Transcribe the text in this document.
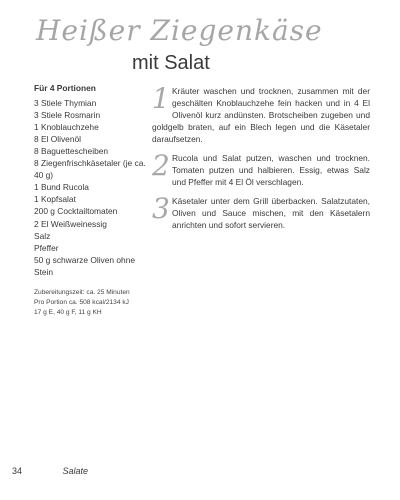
Heißer Ziegenkäse
mit Salat
Für 4 Portionen
3 Stiele Thymian
3 Stiele Rosmarin
1 Knoblauchzehe
8 El Olivenöl
8 Baguettescheiben
8 Ziegenfrischkäsetaler (je ca. 40 g)
1 Bund Rucola
1 Kopfsalat
200 g Cocktailtomaten
2 El Weißweinessig
Salz
Pfeffer
50 g schwarze Oliven ohne Stein
Zubereitungszeit: ca. 25 Minuten
Pro Portion ca. 508 kcal/2134 kJ
17 g E, 40 g F, 11 g KH
1 Kräuter waschen und trocknen, zusammen mit der geschälten Knoblauchzehe fein hacken und in 4 El Olivenöl kurz andünsten. Brotscheiben zugeben und goldgelb braten, auf ein Blech legen und die Käsetaler daraufsetzen.
2 Rucola und Salat putzen, waschen und trocknen. Tomaten putzen und halbieren. Essig, etwas Salz und Pfeffer mit 4 El Öl verschlagen.
3 Käsetaler unter dem Grill überbacken. Salatzutaten, Oliven und Sauce mischen, mit den Käsetalern anrichten und sofort servieren.
34	Salate
